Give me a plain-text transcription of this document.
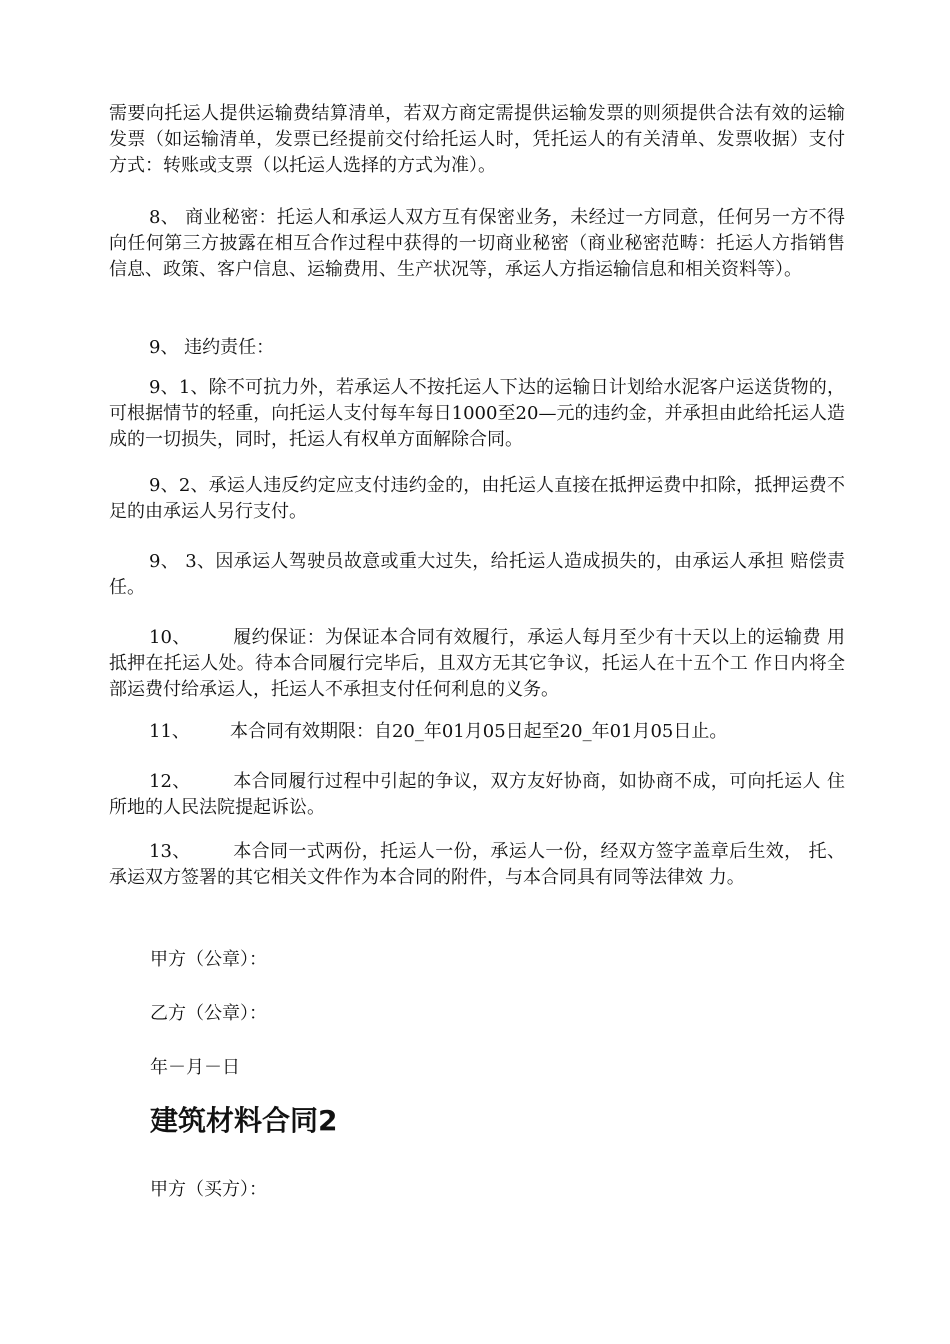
需要向托运人提供运输费结算清单，若双方商定需提供运输发票的则须提供合法有效的运输发票（如运输清单，发票已经提前交付给托运人时，凭托运人的有关清单、发票收据）支付方式：转账或支票（以托运人选择的方式为准）。

8、 商业秘密：托运人和承运人双方互有保密业务，未经过一方同意，任何另一方不得向任何第三方披露在相互合作过程中获得的一切商业秘密（商业秘密范畴：托运人方指销售信息、政策、客户信息、运输费用、生产状况等，承运人方指运输信息和相关资料等）。

9、 违约责任：

9、1、除不可抗力外，若承运人不按托运人下达的运输日计划给水泥客户运送货物的，可根据情节的轻重，向托运人支付每车每日1000至20—元的违约金，并承担由此给托运人造成的一切损失，同时，托运人有权单方面解除合同。

9、2、承运人违反约定应支付违约金的，由托运人直接在抵押运费中扣除，抵押运费不足的由承运人另行支付。

9、 3、因承运人驾驶员故意或重大过失，给托运人造成损失的，由承运人承担 赔偿责任。

10、       履约保证：为保证本合同有效履行，承运人每月至少有十天以上的运输费 用抵押在托运人处。待本合同履行完毕后，且双方无其它争议，托运人在十五个工 作日内将全部运费付给承运人，托运人不承担支付任何利息的义务。

11、       本合同有效期限：自20_年01月05日起至20_年01月05日止。

12、       本合同履行过程中引起的争议，双方友好协商，如协商不成，可向托运人 住所地的人民法院提起诉讼。

13、       本合同一式两份，托运人一份，承运人一份，经双方签字盖章后生效， 托、承运双方签署的其它相关文件作为本合同的附件，与本合同具有同等法律效 力。

甲方（公章）：

乙方（公章）：

年－月－日

建筑材料合同2

甲方（买方）：
